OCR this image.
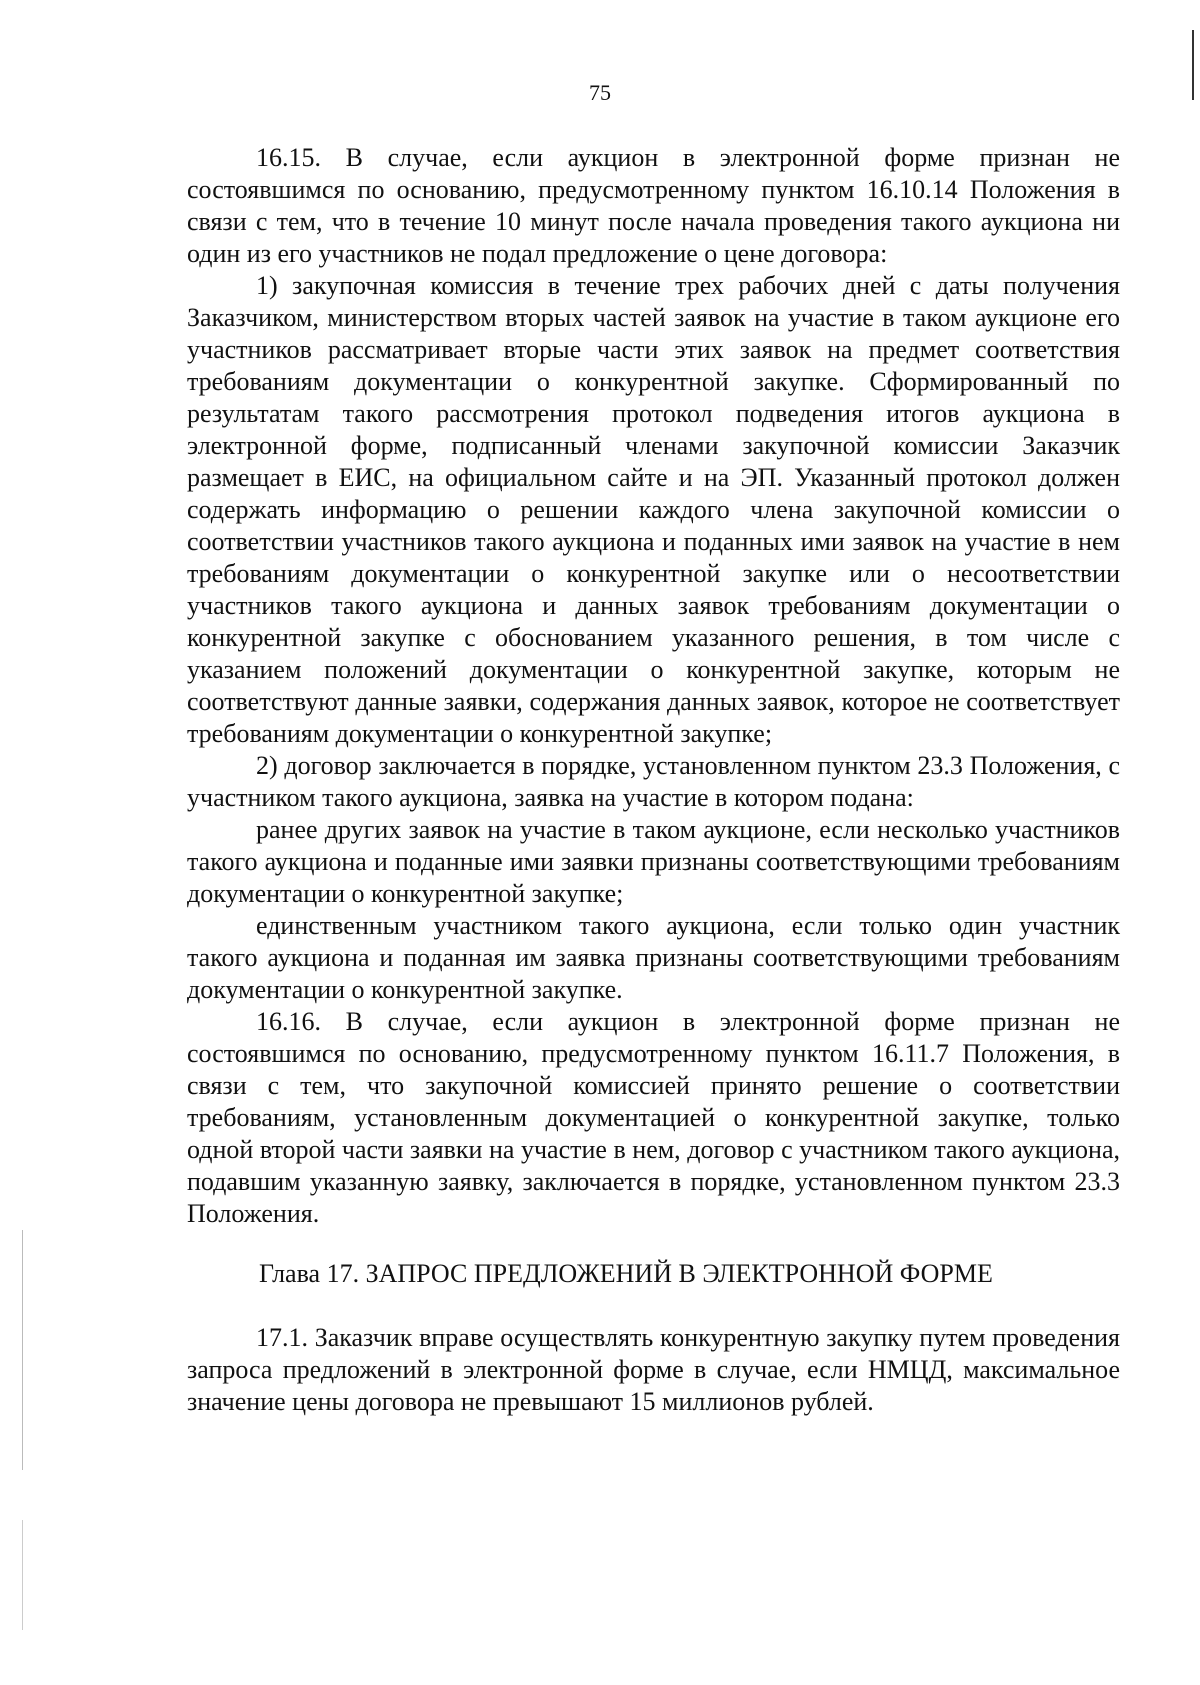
75

16.15. В случае, если аукцион в электронной форме признан не состоявшимся по основанию, предусмотренному пунктом 16.10.14 Положения в связи с тем, что в течение 10 минут после начала проведения такого аукциона ни один из его участников не подал предложение о цене договора:

1) закупочная комиссия в течение трех рабочих дней с даты получения Заказчиком, министерством вторых частей заявок на участие в таком аукционе его участников рассматривает вторые части этих заявок на предмет соответствия требованиям документации о конкурентной закупке. Сформированный по результатам такого рассмотрения протокол подведения итогов аукциона в электронной форме, подписанный членами закупочной комиссии Заказчик размещает в ЕИС, на официальном сайте и на ЭП. Указанный протокол должен содержать информацию о решении каждого члена закупочной комиссии о соответствии участников такого аукциона и поданных ими заявок на участие в нем требованиям документации о конкурентной закупке или о несоответствии участников такого аукциона и данных заявок требованиям документации о конкурентной закупке с обоснованием указанного решения, в том числе с указанием положений документации о конкурентной закупке, которым не соответствуют данные заявки, содержания данных заявок, которое не соответствует требованиям документации о конкурентной закупке;

2) договор заключается в порядке, установленном пунктом 23.3 Положения, с участником такого аукциона, заявка на участие в котором подана:

ранее других заявок на участие в таком аукционе, если несколько участников такого аукциона и поданные ими заявки признаны соответствующими требованиям документации о конкурентной закупке;

единственным участником такого аукциона, если только один участник такого аукциона и поданная им заявка признаны соответствующими требованиям документации о конкурентной закупке.

16.16. В случае, если аукцион в электронной форме признан не состоявшимся по основанию, предусмотренному пунктом 16.11.7 Положения, в связи с тем, что закупочной комиссией принято решение о соответствии требованиям, установленным документацией о конкурентной закупке, только одной второй части заявки на участие в нем, договор с участником такого аукциона, подавшим указанную заявку, заключается в порядке, установленном пунктом 23.3 Положения.

Глава 17. ЗАПРОС ПРЕДЛОЖЕНИЙ В ЭЛЕКТРОННОЙ ФОРМЕ

17.1. Заказчик вправе осуществлять конкурентную закупку путем проведения запроса предложений в электронной форме в случае, если НМЦД, максимальное значение цены договора не превышают 15 миллионов рублей.
